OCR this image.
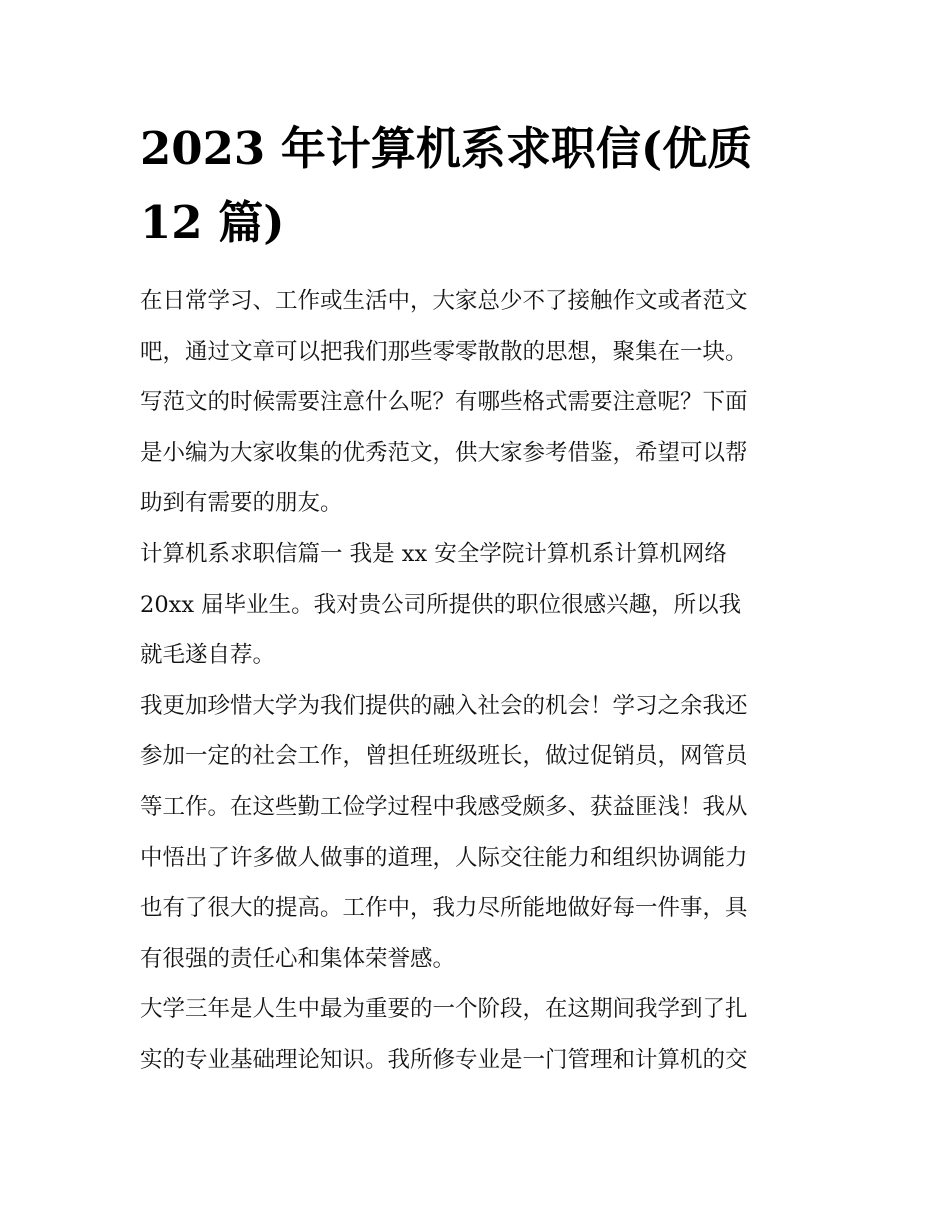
2023 年计算机系求职信(优质
12 篇)

在日常学习、工作或生活中，大家总少不了接触作文或者范文
吧，通过文章可以把我们那些零零散散的思想，聚集在一块。
写范文的时候需要注意什么呢？有哪些格式需要注意呢？下面
是小编为大家收集的优秀范文，供大家参考借鉴，希望可以帮
助到有需要的朋友。

计算机系求职信篇一 我是 xx 安全学院计算机系计算机网络
20xx 届毕业生。我对贵公司所提供的职位很感兴趣，所以我
就毛遂自荐。

我更加珍惜大学为我们提供的融入社会的机会！学习之余我还
参加一定的社会工作，曾担任班级班长，做过促销员，网管员
等工作。在这些勤工俭学过程中我感受颇多、获益匪浅！我从
中悟出了许多做人做事的道理，人际交往能力和组织协调能力
也有了很大的提高。工作中，我力尽所能地做好每一件事，具
有很强的责任心和集体荣誉感。

大学三年是人生中最为重要的一个阶段，在这期间我学到了扎
实的专业基础理论知识。我所修专业是一门管理和计算机的交
